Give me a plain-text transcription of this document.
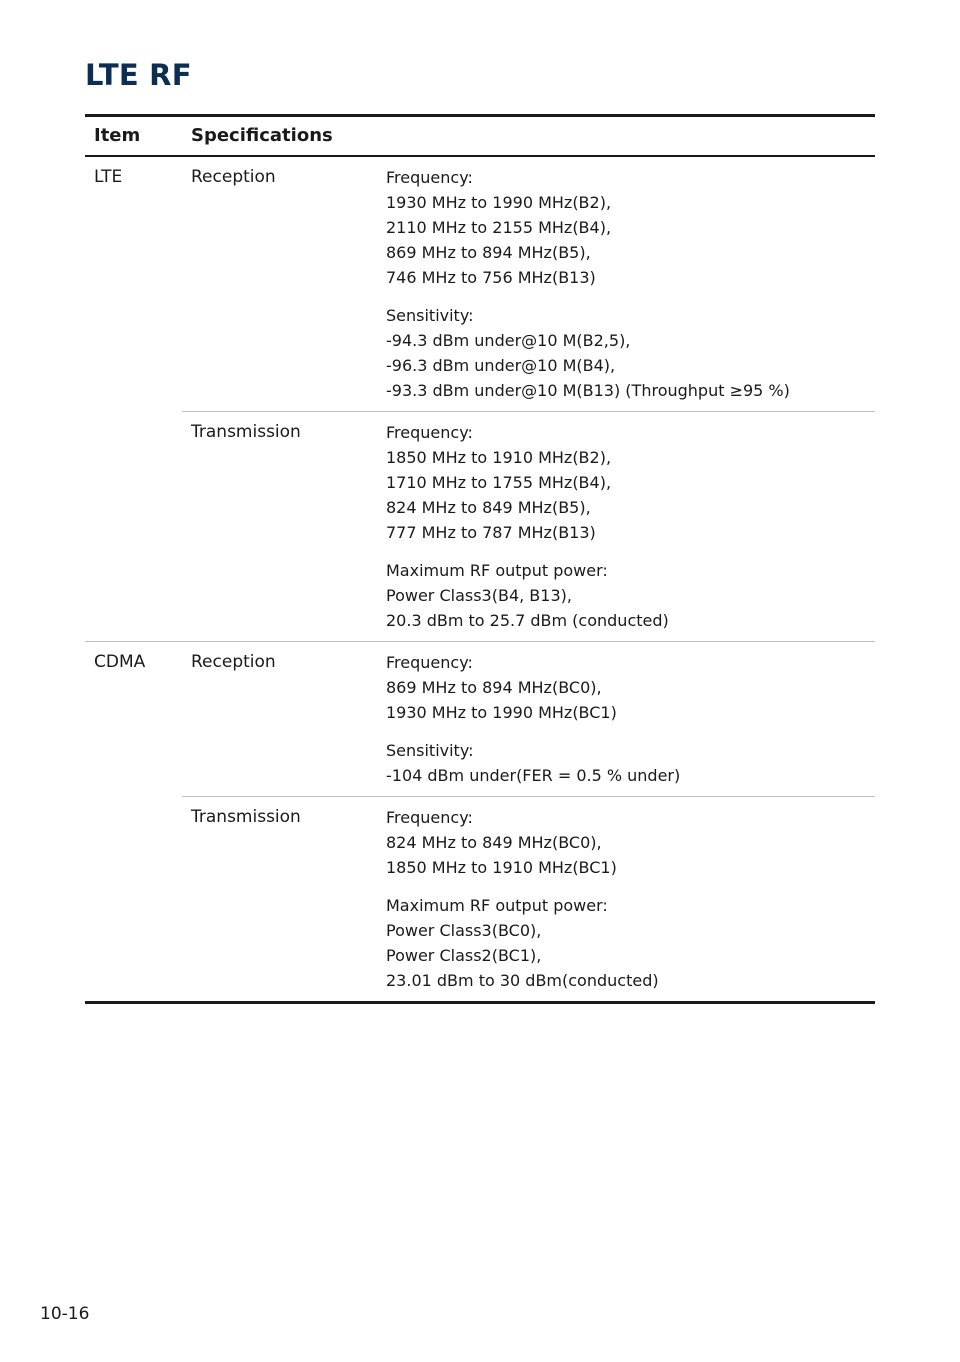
LTE RF
Item	Specifications
LTE	Reception	Frequency:
1930 MHz to 1990 MHz(B2),
2110 MHz to 2155 MHz(B4),
869 MHz to 894 MHz(B5),
746 MHz to 756 MHz(B13)
Sensitivity:
-94.3 dBm under@10 M(B2,5),
-96.3 dBm under@10 M(B4),
-93.3 dBm under@10 M(B13) (Throughput ≥95 %)
Transmission	Frequency:
1850 MHz to 1910 MHz(B2),
1710 MHz to 1755 MHz(B4),
824 MHz to 849 MHz(B5),
777 MHz to 787 MHz(B13)
Maximum RF output power:
Power Class3(B4, B13),
20.3 dBm to 25.7 dBm (conducted)
CDMA	Reception	Frequency:
869 MHz to 894 MHz(BC0),
1930 MHz to 1990 MHz(BC1)
Sensitivity:
-104 dBm under(FER = 0.5 % under)
Transmission	Frequency:
824 MHz to 849 MHz(BC0),
1850 MHz to 1910 MHz(BC1)
Maximum RF output power:
Power Class3(BC0),
Power Class2(BC1),
23.01 dBm to 30 dBm(conducted)
10-16
